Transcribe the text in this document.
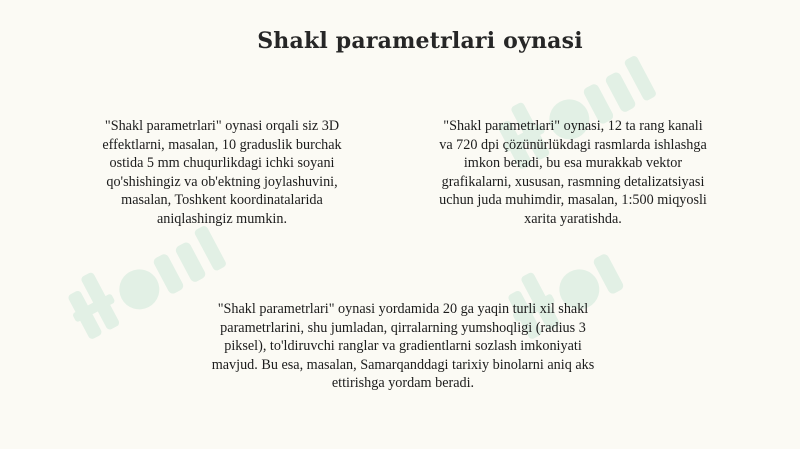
Shakl parametrlari oynasi

"Shakl parametrlari" oynasi orqali siz 3D
effektlarni, masalan, 10 graduslik burchak
ostida 5 mm chuqurlikdagi ichki soyani
qo'shishingiz va ob'ektning joylashuvini,
masalan, Toshkent koordinatalarida
aniqlashingiz mumkin.

"Shakl parametrlari" oynasi, 12 ta rang kanali
va 720 dpi çözünürlükdagi rasmlarda ishlashga
imkon beradi, bu esa murakkab vektor
grafikalarni, xususan, rasmning detalizatsiyasi
uchun juda muhimdir, masalan, 1:500 miqyosli
xarita yaratishda.

"Shakl parametrlari" oynasi yordamida 20 ga yaqin turli xil shakl
parametrlarini, shu jumladan, qirralarning yumshoqligi (radius 3
piksel), to'ldiruvchi ranglar va gradientlarni sozlash imkoniyati
mavjud. Bu esa, masalan, Samarqanddagi tarixiy binolarni aniq aks
ettirishga yordam beradi.
